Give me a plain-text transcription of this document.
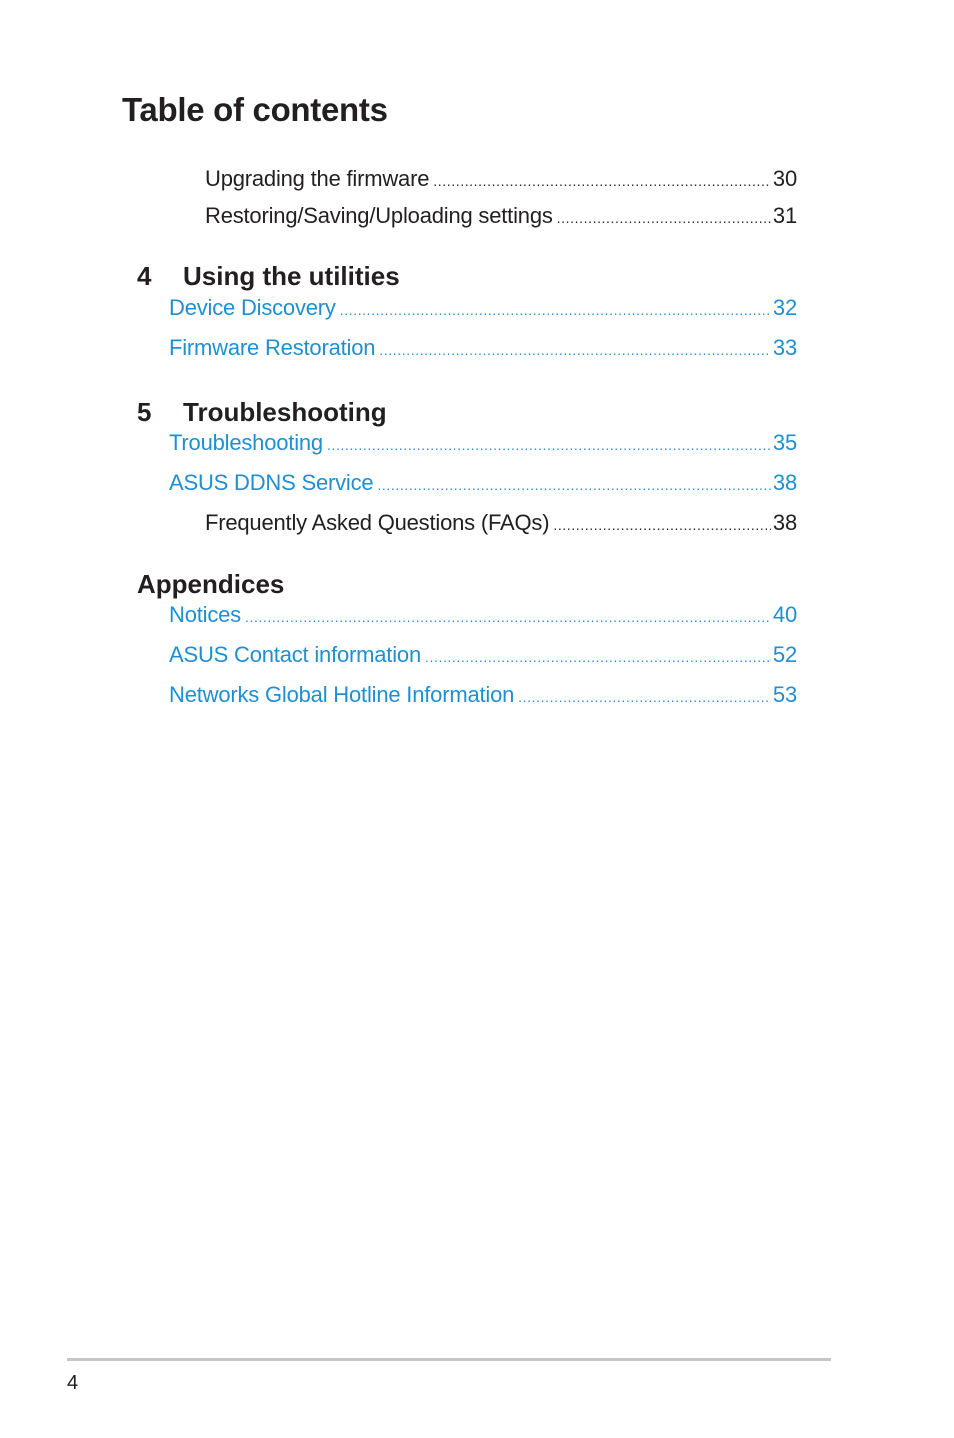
Table of contents
Upgrading the firmware .....	30
Restoring/Saving/Uploading settings .....	31
4 Using the utilities
Device Discovery .....	32
Firmware Restoration .....	33
5 Troubleshooting
Troubleshooting .....	35
ASUS DDNS Service .....	38
Frequently Asked Questions (FAQs) .....	38
Appendices
Notices .....	40
ASUS Contact information .....	52
Networks Global Hotline Information .....	53
4
